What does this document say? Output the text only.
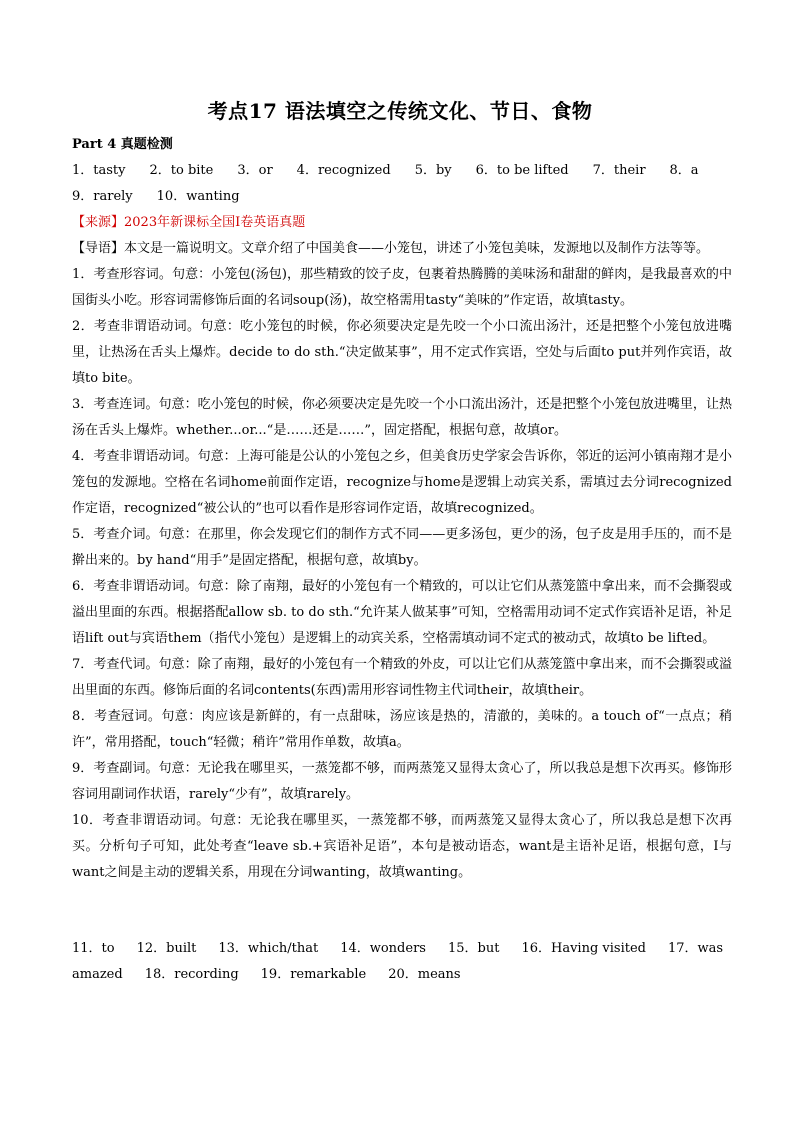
考点17 语法填空之传统文化、节日、食物
Part 4 真题检测
1．tasty 2．to bite 3．or 4．recognized 5．by 6．to be lifted 7．their 8．a
9．rarely 10．wanting

【来源】2023年新课标全国Ⅰ卷英语真题

【导语】本文是一篇说明文。文章介绍了中国美食——小笼包，讲述了小笼包美味，发源地以及制作方法等等。

1．考查形容词。句意：小笼包(汤包)，那些精致的饺子皮，包裹着热腾腾的美味汤和甜甜的鲜肉，是我最喜欢的中国街头小吃。形容词需修饰后面的名词soup(汤)，故空格需用tasty“美味的”作定语，故填tasty。

2．考查非谓语动词。句意：吃小笼包的时候，你必须要决定是先咬一个小口流出汤汁，还是把整个小笼包放进嘴里，让热汤在舌头上爆炸。decide to do sth.“决定做某事”，用不定式作宾语，空处与后面to put并列作宾语，故填to bite。

3．考查连词。句意：吃小笼包的时候，你必须要决定是先咬一个小口流出汤汁，还是把整个小笼包放进嘴里，让热汤在舌头上爆炸。whether...or...“是……还是……”，固定搭配，根据句意，故填or。

4．考查非谓语动词。句意：上海可能是公认的小笼包之乡，但美食历史学家会告诉你，邻近的运河小镇南翔才是小笼包的发源地。空格在名词home前面作定语，recognize与home是逻辑上动宾关系，需填过去分词recognized作定语，recognized“被公认的”也可以看作是形容词作定语，故填recognized。

5．考查介词。句意：在那里，你会发现它们的制作方式不同——更多汤包，更少的汤，包子皮是用手压的，而不是擀出来的。by hand“用手”是固定搭配，根据句意，故填by。

6．考查非谓语动词。句意：除了南翔，最好的小笼包有一个精致的，可以让它们从蒸笼篮中拿出来，而不会撕裂或溢出里面的东西。根据搭配allow sb. to do sth.“允许某人做某事”可知，空格需用动词不定式作宾语补足语，补足语lift out与宾语them（指代小笼包）是逻辑上的动宾关系，空格需填动词不定式的被动式，故填to be lifted。

7．考查代词。句意：除了南翔，最好的小笼包有一个精致的外皮，可以让它们从蒸笼篮中拿出来，而不会撕裂或溢出里面的东西。修饰后面的名词contents(东西)需用形容词性物主代词their，故填their。

8．考查冠词。句意：肉应该是新鲜的，有一点甜味，汤应该是热的，清澈的，美味的。a touch of“一点点；稍许”，常用搭配，touch“轻微；稍许”常用作单数，故填a。

9．考查副词。句意：无论我在哪里买，一蒸笼都不够，而两蒸笼又显得太贪心了，所以我总是想下次再买。修饰形容词用副词作状语，rarely“少有”，故填rarely。

10．考查非谓语动词。句意：无论我在哪里买，一蒸笼都不够，而两蒸笼又显得太贪心了，所以我总是想下次再买。分析句子可知，此处考查“leave sb.+宾语补足语”，本句是被动语态，want是主语补足语，根据句意，I与want之间是主动的逻辑关系，用现在分词wanting，故填wanting。

11．to 12．built 13．which/that 14．wonders 15．but 16．Having visited 17．was
amazed 18．recording 19．remarkable 20．means
